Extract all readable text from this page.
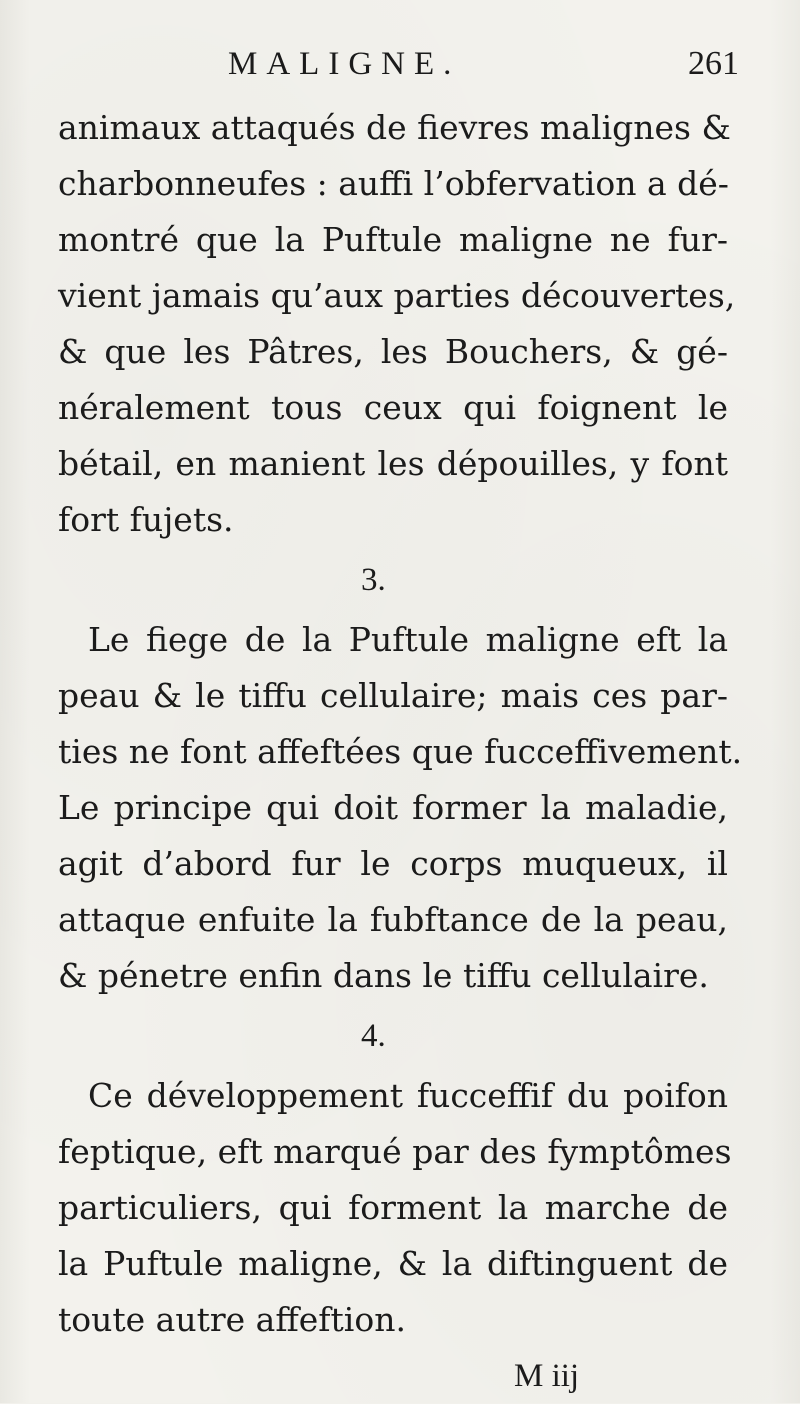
MALIGNE.	261
animaux attaqués de fievres malignes &
charbonneufes : auffi l’obfervation a dé-
montré que la Puftule maligne ne fur-
vient jamais qu’aux parties découvertes,
& que les Pâtres, les Bouchers, & gé-
néralement tous ceux qui foignent le
bétail, en manient les dépouilles, y font
fort fujets.
3.
Le fiege de la Puftule maligne eft la
peau & le tiffu cellulaire; mais ces par-
ties ne font affeftées que fucceffivement.
Le principe qui doit former la maladie,
agit d’abord fur le corps muqueux, il
attaque enfuite la fubftance de la peau,
& pénetre enfin dans le tiffu cellulaire.
4.
Ce développement fucceffif du poifon
feptique, eft marqué par des fymptômes
particuliers, qui forment la marche de
la Puftule maligne, & la diftinguent de
toute autre affeftion.
M iij
